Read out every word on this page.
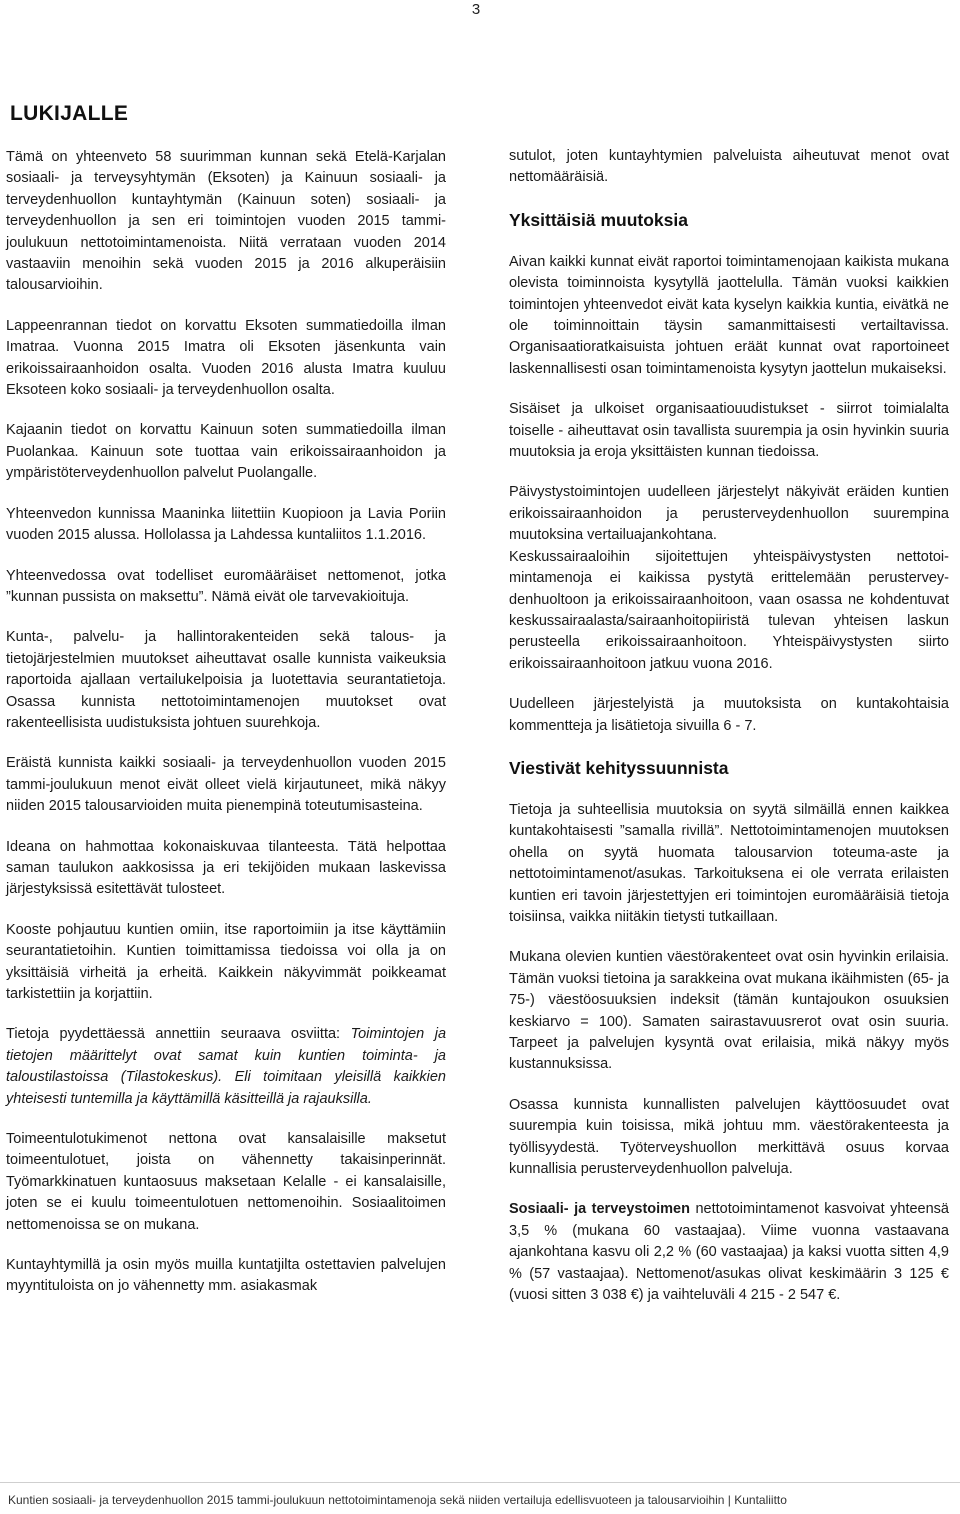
3
LUKIJALLE

Tämä on yhteenveto 58 suurimman kunnan sekä Etelä-Karjalan sosiaali- ja terveysyhtymän (Eksoten) ja Kainuun sosiaali- ja terveydenhuollon kuntayhtymän (Kainuun soten) sosiaali- ja terveydenhuollon ja sen eri toimintojen vuoden 2015 tammi-joulukuun nettotoimintamenoista. Niitä verrataan vuoden 2014 vastaaviin menoihin sekä vuoden 2015 ja 2016 alkuperäisiin talousarvioihin.

Lappeenrannan tiedot on korvattu Eksoten summatiedoilla ilman Imatraa. Vuonna 2015 Imatra oli Eksoten jäsenkunta vain erikoissairaanhoidon osalta. Vuoden 2016 alusta Imatra kuuluu Eksoteen koko sosiaali- ja terveydenhuollon osalta.

Kajaanin tiedot on korvattu Kainuun soten summatiedoilla ilman Puolankaa. Kainuun sote tuottaa vain erikoissairaanhoidon ja ympäristöterveydenhuollon palvelut Puolangalle.

Yhteenvedon kunnissa Maaninka liitettiin Kuopioon ja Lavia Poriin vuoden 2015 alussa. Hollolassa ja Lahdessa kuntaliitos 1.1.2016.

Yhteenvedossa ovat todelliset euromääräiset nettomenot, jotka ”kunnan pussista on maksettu”. Nämä eivät ole tarvevakioituja.

Kunta-, palvelu- ja hallintorakenteiden sekä talous- ja tietojärjestelmien muutokset aiheuttavat osalle kunnista vaikeuksia raportoida ajallaan vertailukelpoisia ja luotettavia seurantatietoja. Osassa kunnista nettotoimintamenojen muutokset ovat rakenteellisista uudistuksista johtuen suurehkoja.

Eräistä kunnista kaikki sosiaali- ja terveydenhuollon vuoden 2015 tammi-joulukuun menot eivät olleet vielä kirjautuneet, mikä näkyy niiden 2015 talousarvioiden muita pienempinä toteutumisasteina.

Ideana on hahmottaa kokonaiskuvaa tilanteesta. Tätä helpottaa saman taulukon aakkosissa ja eri tekijöiden mukaan laskevissa järjestyksissä esitettävät tulosteet.

Kooste pohjautuu kuntien omiin, itse raportoimiin ja itse käyttämiin seurantatietoihin. Kuntien toimittamissa tiedoissa voi olla ja on yksittäisiä virheitä ja erheitä. Kaikkein näkyvimmät poikkeamat tarkistettiin ja korjattiin.

Tietoja pyydettäessä annettiin seuraava osviitta: Toimintojen ja tietojen määrittelyt ovat samat kuin kuntien toiminta- ja taloustilastoissa (Tilastokeskus). Eli toimitaan yleisillä kaikkien yhteisesti tuntemilla ja käyttämillä käsitteillä ja rajauksilla.

Toimeentulotukimenot nettona ovat kansalaisille maksetut toimeentulotuet, joista on vähennetty takaisinperinnät. Työmarkkinatuen kuntaosuus maksetaan Kelalle - ei kansalaisille, joten se ei kuulu toimeentulotuen nettomenoihin. Sosiaalitoimen nettomenoissa se on mukana.

Kuntayhtymillä ja osin myös muilla kuntatjilta ostettavien palvelujen myyntituloista on jo vähennetty mm. asiakasmak

sutulot, joten kuntayhtymien palveluista aiheutuvat menot ovat nettomääräisiä.

Yksittäisiä muutoksia

Aivan kaikki kunnat eivät raportoi toimintamenojaan kaikista mukana olevista toiminnoista kysytyllä jaottelulla. Tämän vuoksi kaikkien toimintojen yhteenvedot eivät kata kyselyn kaikkia kuntia, eivätkä ne ole toiminnoittain täysin samanmittaisesti vertailtavissa. Organisaatioratkaisuista johtuen eräät kunnat ovat raportoineet laskennallisesti osan toimintamenoista kysytyn jaottelun mukaiseksi.

Sisäiset ja ulkoiset organisaatiouudistukset - siirrot toimialalta toiselle - aiheuttavat osin tavallista suurempia ja osin hyvinkin suuria muutoksia ja eroja yksittäisten kunnan tiedoissa.

Päivystystoimintojen uudelleen järjestelyt näkyivät eräiden kuntien erikoissairaanhoidon ja perusterveydenhuollon suurempina muutoksina vertailuajankohtana.

Keskussairaaloihin sijoitettujen yhteispäivystysten nettotoimintamenoja ei kaikissa pystytä erittelemään perusterveydenhuoltoon ja erikoissairaanhoitoon, vaan osassa ne kohdentuvat keskussairaalasta/sairaanhoitopiiristä tulevan yhteisen laskun perusteella erikoissairaanhoitoon. Yhteispäivystysten siirto erikoissairaanhoitoon jatkuu vuona 2016.

Uudelleen järjestelyistä ja muutoksista on kuntakohtaisia kommentteja ja lisätietoja sivuilla 6 - 7.

Viestivät kehityssuunnista

Tietoja ja suhteellisia muutoksia on syytä silmäillä ennen kaikkea kuntakohtaisesti ”samalla rivillä”. Nettotoimintamenojen muutoksen ohella on syytä huomata talousarvion toteuma-aste ja nettotoimintamenot/asukas. Tarkoituksena ei ole verrata erilaisten kuntien eri tavoin järjestettyjen eri toimintojen euromääräisiä tietoja toisiinsa, vaikka niitäkin tietysti tutkaillaan.

Mukana olevien kuntien väestörakenteet ovat osin hyvinkin erilaisia. Tämän vuoksi tietoina ja sarakkeina ovat mukana ikäihmisten (65- ja 75-) väestöosuuksien indeksit (tämän kuntajoukon osuuksien keskiarvo = 100). Samaten sairastavuusrerot ovat osin suuria. Tarpeet ja palvelujen kysyntä ovat erilaisia, mikä näkyy myös kustannuksissa.

Osassa kunnista kunnallisten palvelujen käyttöosuudet ovat suurempia kuin toisissa, mikä johtuu mm. väestörakenteesta ja työllisyydestä. Työterveyshuollon merkittävä osuus korvaa kunnallisia perusterveydenhuollon palveluja.

Sosiaali- ja terveystoimen nettotoimintamenot kasvoivat yhteensä 3,5 % (mukana 60 vastaajaa). Viime vuonna vastaavana ajankohtana kasvu oli 2,2 % (60 vastaajaa) ja kaksi vuotta sitten 4,9 % (57 vastaajaa). Nettomenot/asukas olivat keskimäärin 3 125 € (vuosi sitten 3 038 €) ja vaihteluväli 4 215 - 2 547 €.

Kuntien sosiaali- ja terveydenhuollon 2015 tammi-joulukuun nettotoimintamenoja sekä niiden vertailuja edellisvuoteen ja talousarvioihin | Kuntaliitto
